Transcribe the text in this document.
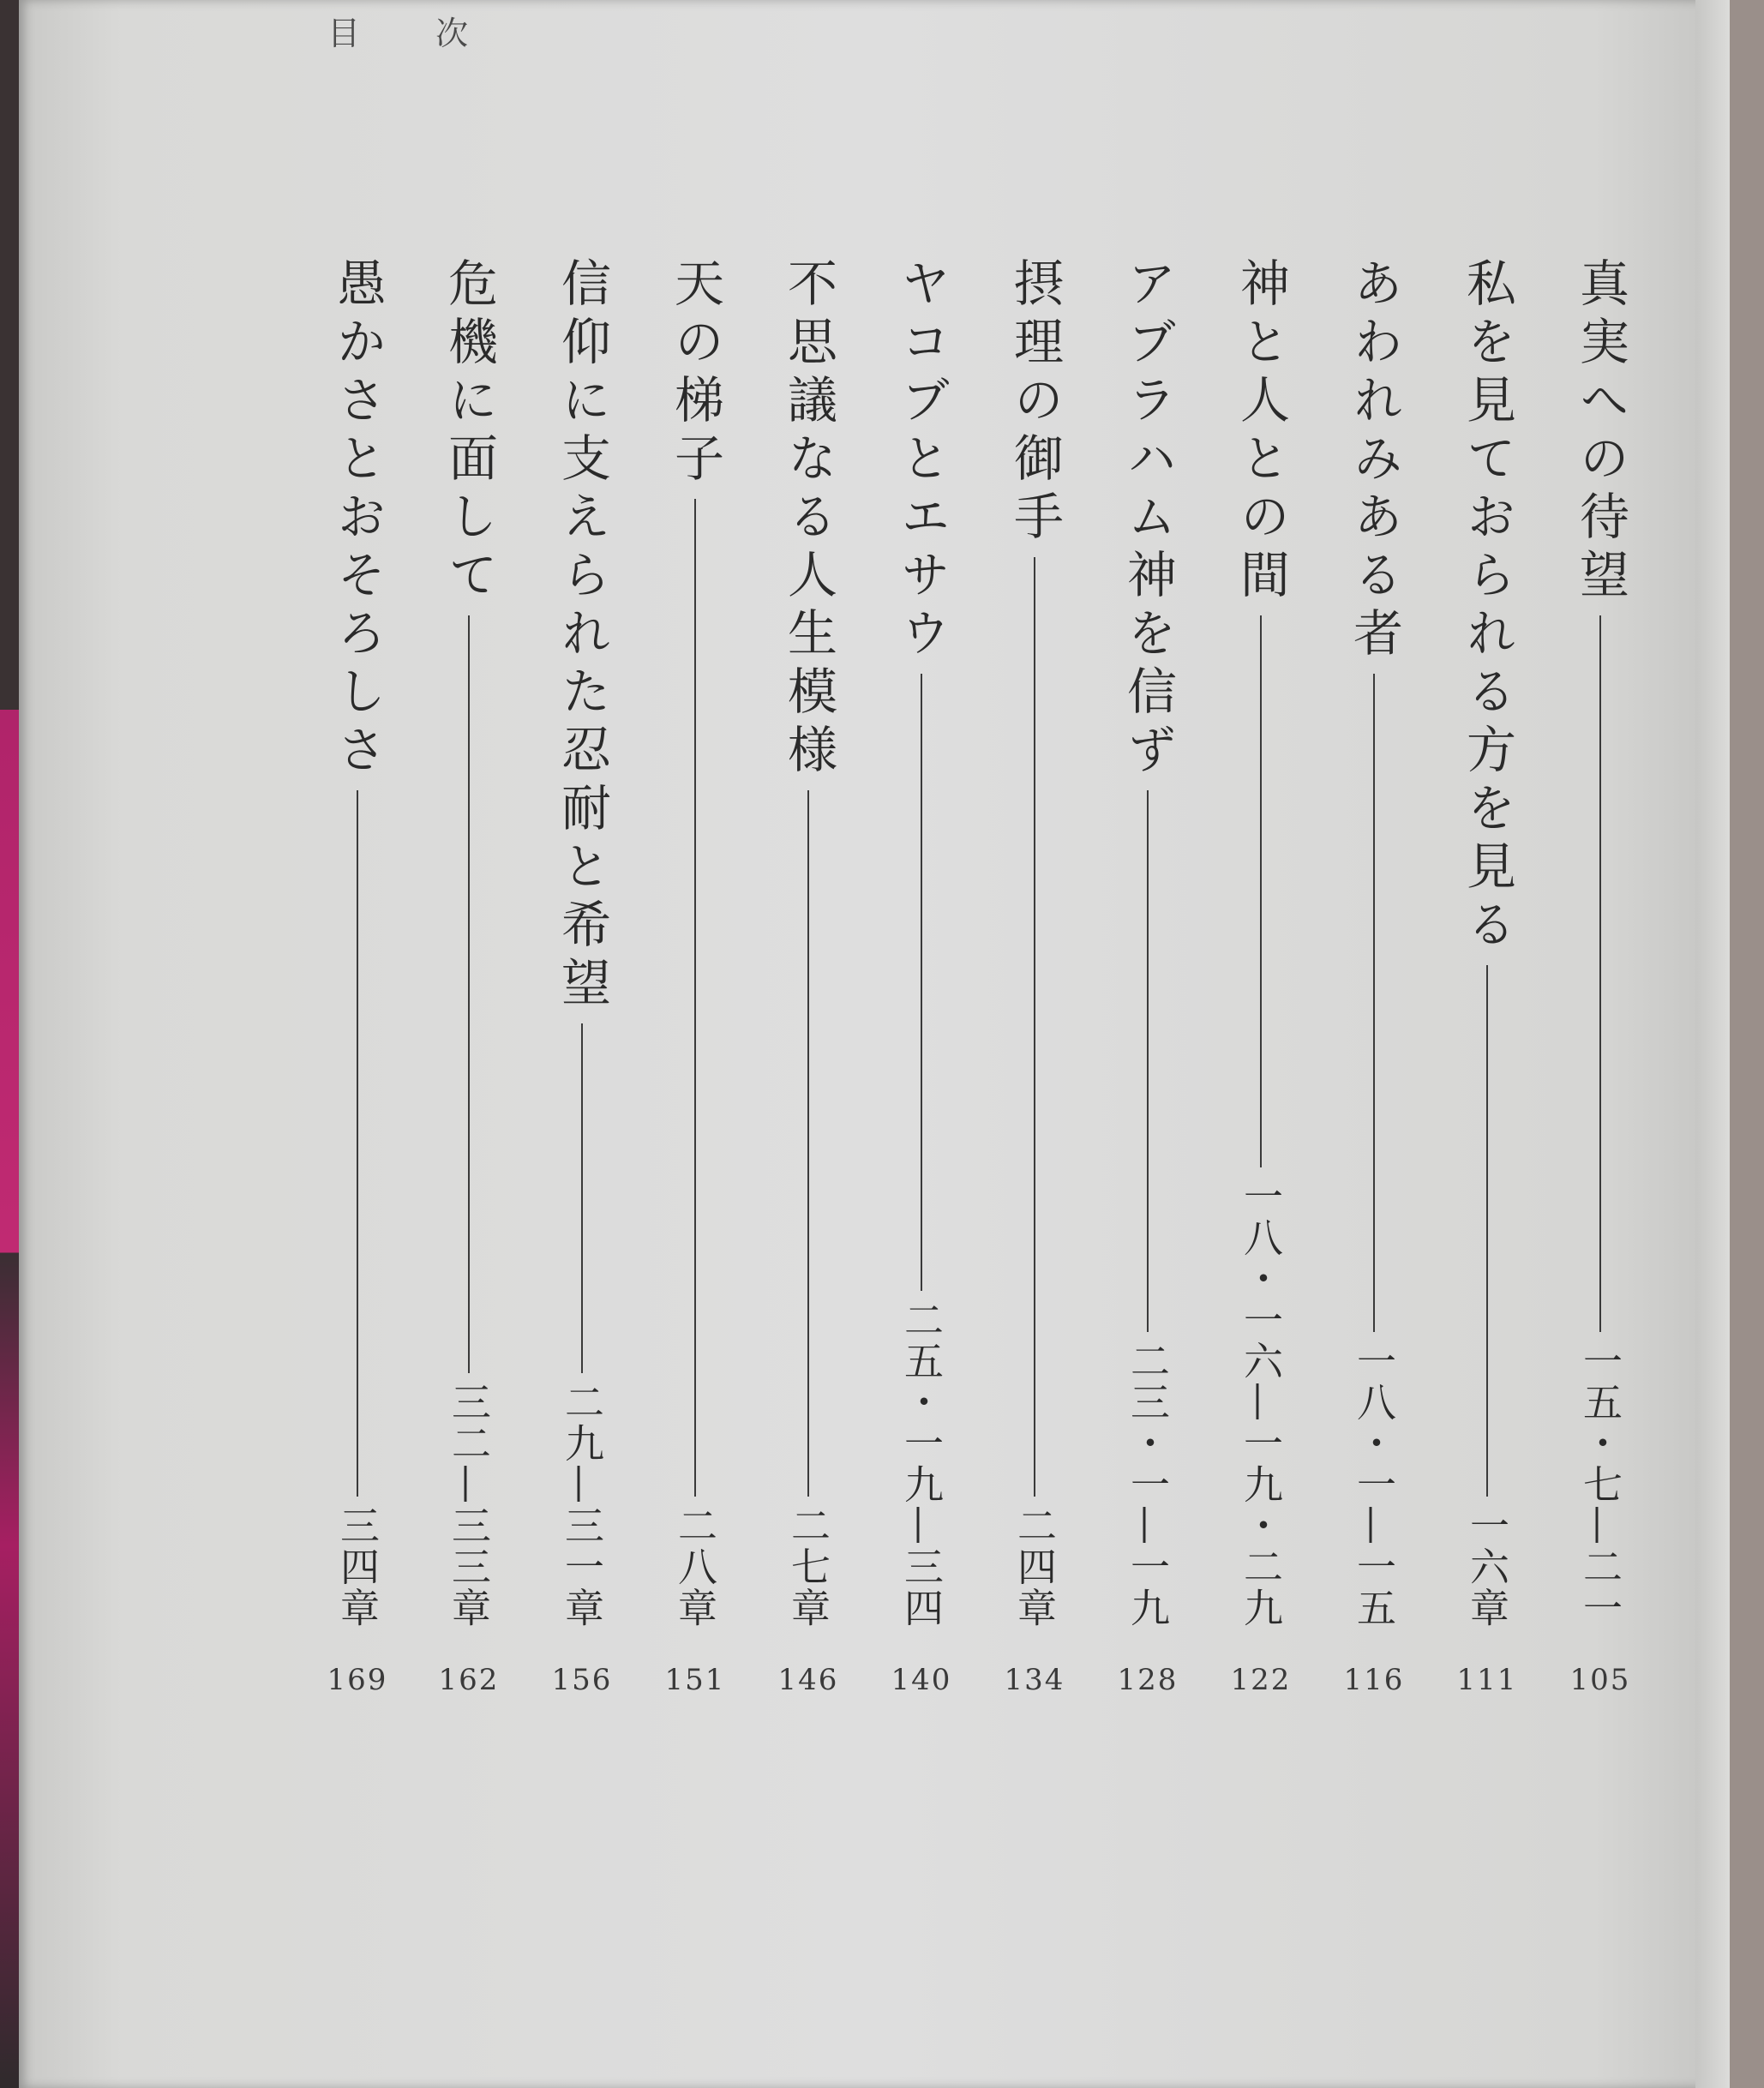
目 次
真実への待望
一五・七—二一
105
私を見ておられる方を見る
一六章
111
あわれみある者
一八・一—一五
116
神と人との間
一八・一六—一九・二九
122
アブラハム神を信ず
二三・一—一九
128
摂理の御手
二四章
134
ヤコブとエサウ
二五・一九—三四
140
不思議なる人生模様
二七章
146
天の梯子
二八章
151
信仰に支えられた忍耐と希望
二九—三一章
156
危機に面して
三二—三三章
162
愚かさとおそろしさ
三四章
169
